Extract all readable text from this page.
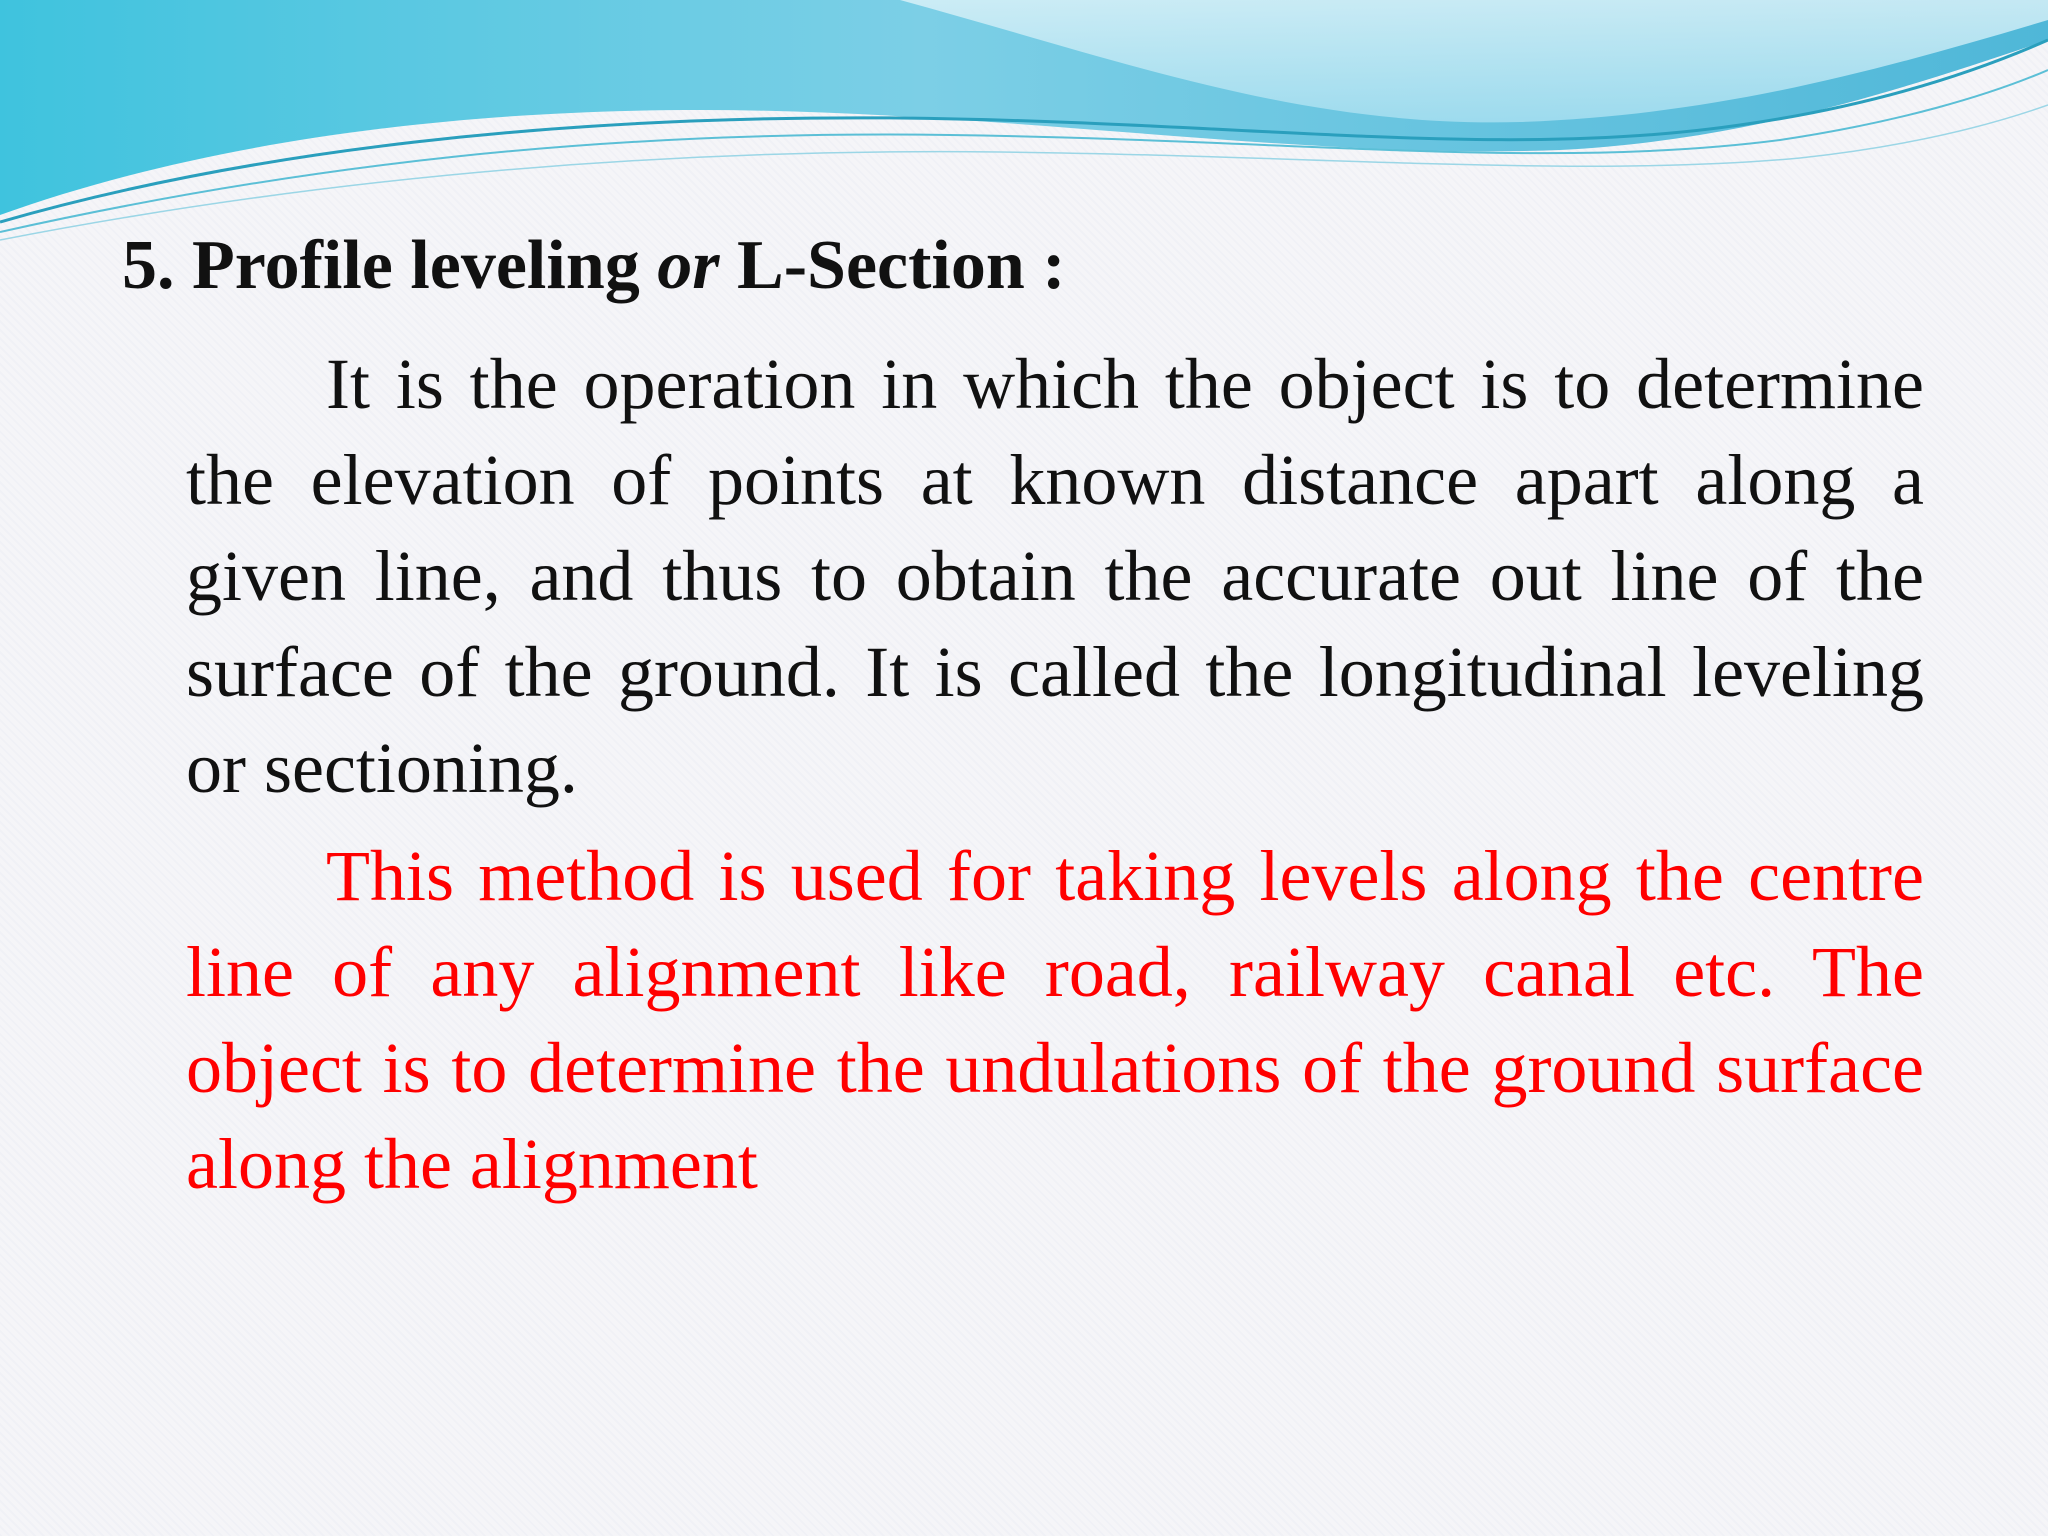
5. Profile leveling or L-Section :

It is the operation in which the object is to determine the elevation of points at known distance apart along a given line, and thus to obtain the accurate out line of the surface of the ground. It is called the longitudinal leveling or sectioning.

This method is used for taking levels along the centre line of any alignment like road, railway canal etc. The object is to determine the undulations of the ground surface along the alignment
